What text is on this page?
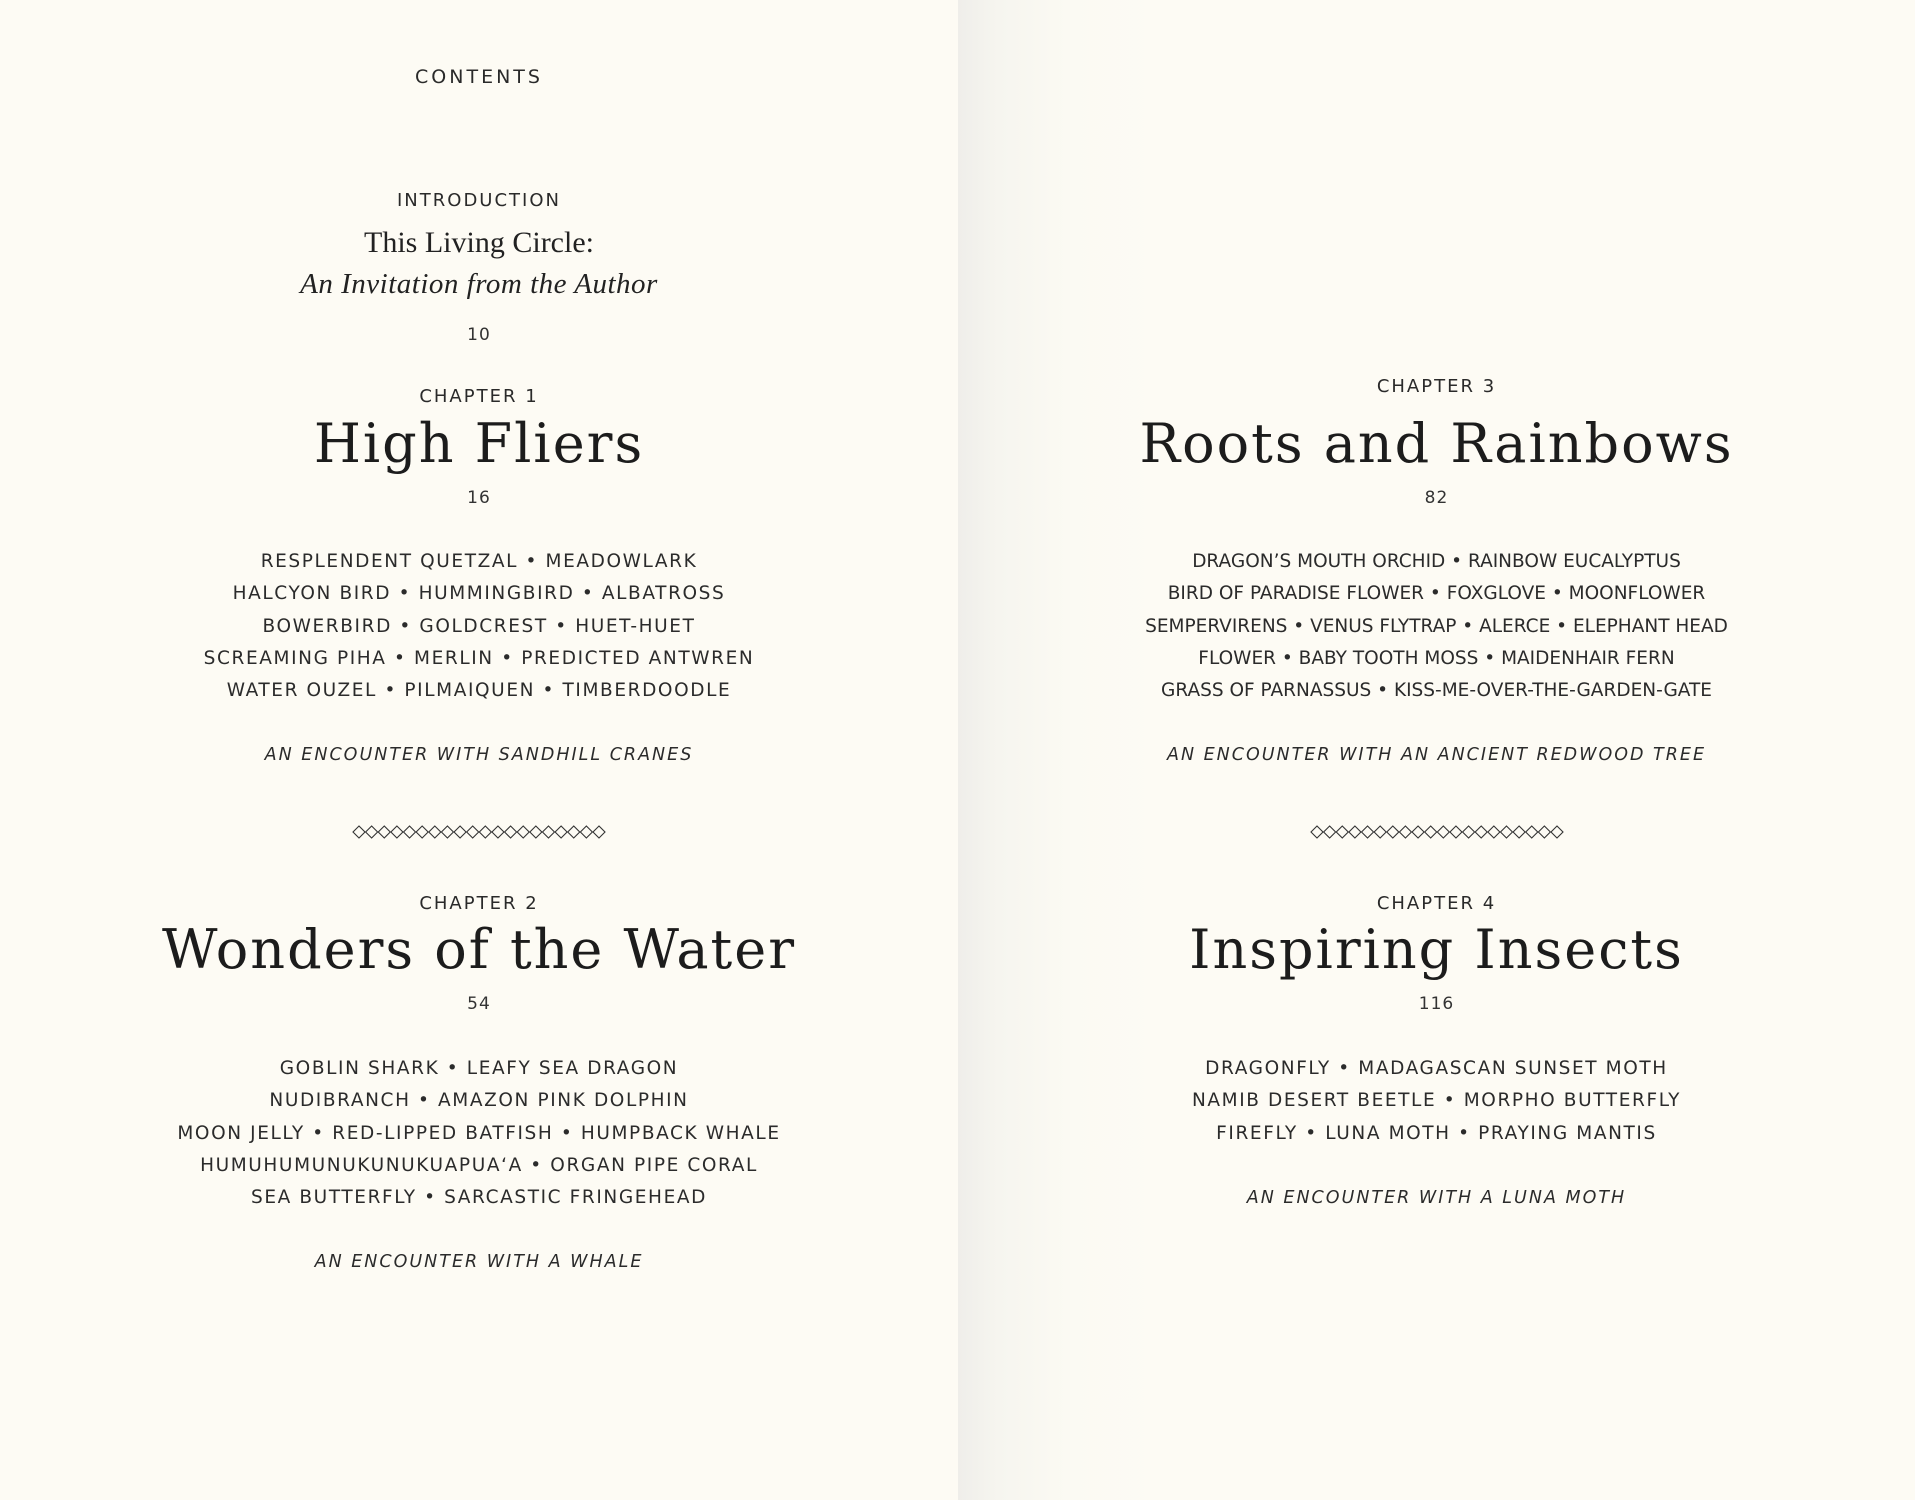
CONTENTS
INTRODUCTION
This Living Circle:
An Invitation from the Author
10
CHAPTER 1
High Fliers
16
RESPLENDENT QUETZAL • MEADOWLARK
HALCYON BIRD • HUMMINGBIRD • ALBATROSS
BOWERBIRD • GOLDCREST • HUET-HUET
SCREAMING PIHA • MERLIN • PREDICTED ANTWREN
WATER OUZEL • PILMAIQUEN • TIMBERDOODLE
AN ENCOUNTER WITH SANDHILL CRANES
CHAPTER 2
Wonders of the Water
54
GOBLIN SHARK • LEAFY SEA DRAGON
NUDIBRANCH • AMAZON PINK DOLPHIN
MOON JELLY • RED-LIPPED BATFISH • HUMPBACK WHALE
HUMUHUMUNUKUNUKUAPUA‘A • ORGAN PIPE CORAL
SEA BUTTERFLY • SARCASTIC FRINGEHEAD
AN ENCOUNTER WITH A WHALE
CHAPTER 3
Roots and Rainbows
82
DRAGON’S MOUTH ORCHID • RAINBOW EUCALYPTUS
BIRD OF PARADISE FLOWER • FOXGLOVE • MOONFLOWER
SEMPERVIRENS • VENUS FLYTRAP • ALERCE • ELEPHANT HEAD
FLOWER • BABY TOOTH MOSS • MAIDENHAIR FERN
GRASS OF PARNASSUS • KISS-ME-OVER-THE-GARDEN-GATE
AN ENCOUNTER WITH AN ANCIENT REDWOOD TREE
CHAPTER 4
Inspiring Insects
116
DRAGONFLY • MADAGASCAN SUNSET MOTH
NAMIB DESERT BEETLE • MORPHO BUTTERFLY
FIREFLY • LUNA MOTH • PRAYING MANTIS
AN ENCOUNTER WITH A LUNA MOTH
